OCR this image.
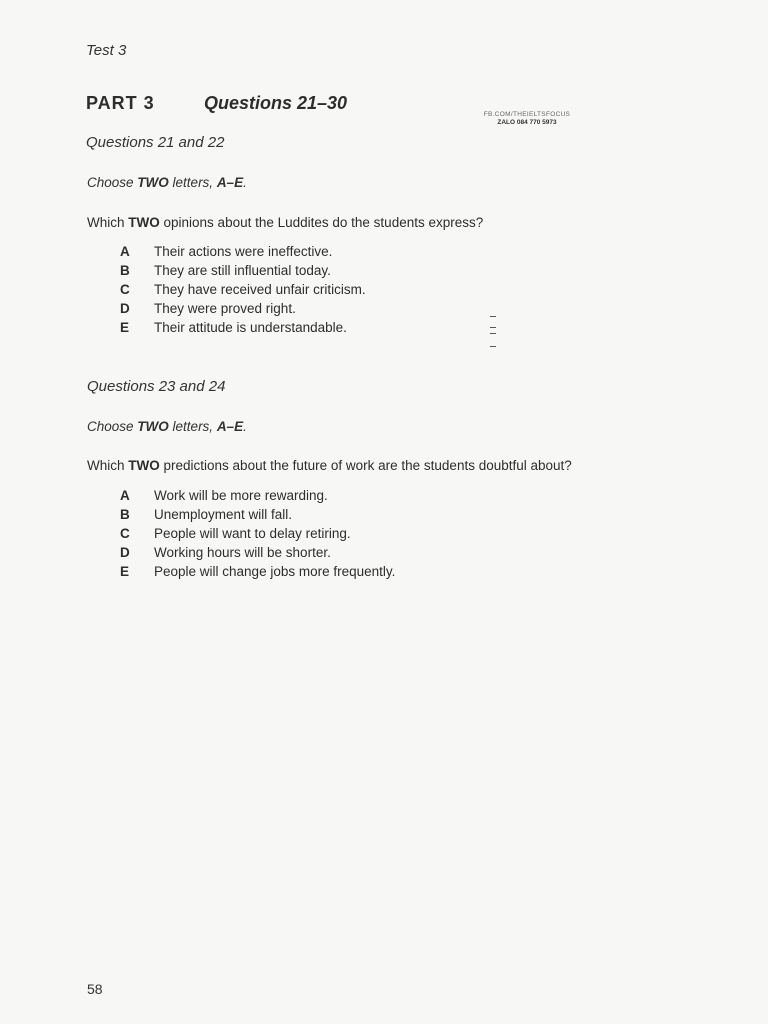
Test 3
PART 3	Questions 21–30
FB.COM/THEIELTSFOCUS
ZALO 084 770 5973
Questions 21 and 22
Choose TWO letters, A–E.
Which TWO opinions about the Luddites do the students express?
A Their actions were ineffective.
B They are still influential today.
C They have received unfair criticism.
D They were proved right.
E Their attitude is understandable.
Questions 23 and 24
Choose TWO letters, A–E.
Which TWO predictions about the future of work are the students doubtful about?
A Work will be more rewarding.
B Unemployment will fall.
C People will want to delay retiring.
D Working hours will be shorter.
E People will change jobs more frequently.
58
